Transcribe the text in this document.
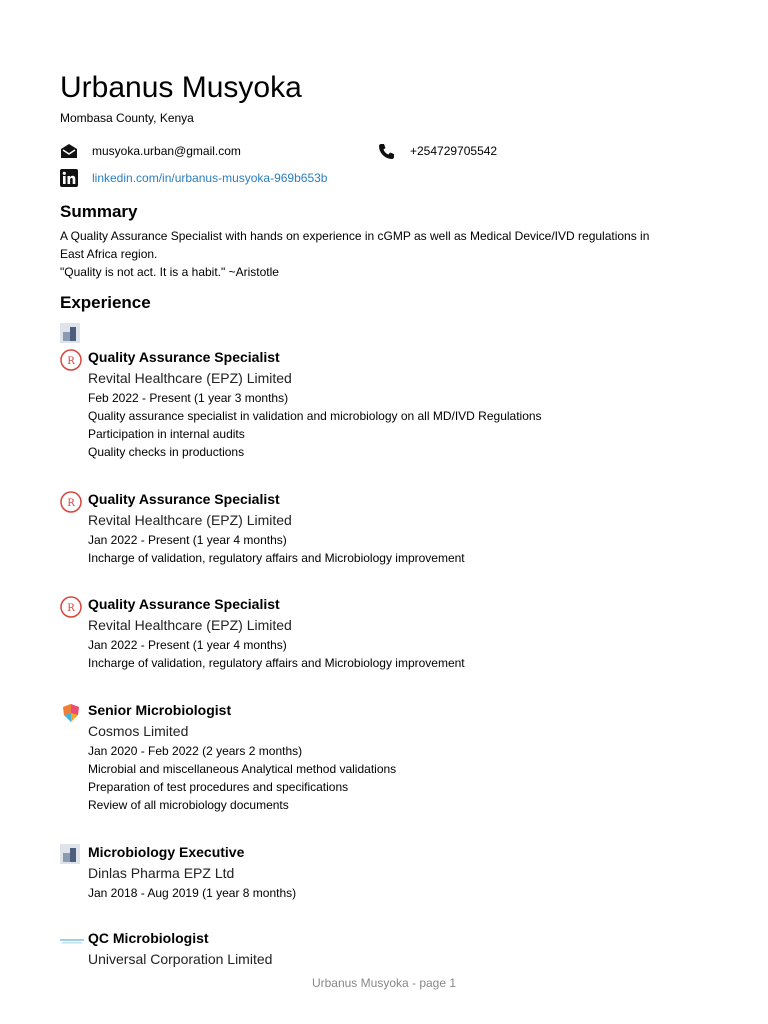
Urbanus Musyoka
Mombasa County, Kenya
musyoka.urban@gmail.com	+254729705542
linkedin.com/in/urbanus-musyoka-969b653b
Summary
A Quality Assurance Specialist with hands on experience in cGMP as well as Medical Device/IVD regulations in
East Africa region.
"Quality is not act. It is a habit." ~Aristotle
Experience
R Quality Assurance Specialist
Revital Healthcare (EPZ) Limited
Feb 2022 - Present (1 year 3 months)
Quality assurance specialist in validation and microbiology on all MD/IVD Regulations
Participation in internal audits
Quality checks in productions
R Quality Assurance Specialist
Revital Healthcare (EPZ) Limited
Jan 2022 - Present (1 year 4 months)
Incharge of validation, regulatory affairs and Microbiology improvement
R Quality Assurance Specialist
Revital Healthcare (EPZ) Limited
Jan 2022 - Present (1 year 4 months)
Incharge of validation, regulatory affairs and Microbiology improvement
Senior Microbiologist
Cosmos Limited
Jan 2020 - Feb 2022 (2 years 2 months)
Microbial and miscellaneous Analytical method validations
Preparation of test procedures and specifications
Review of all microbiology documents
Microbiology Executive
Dinlas Pharma EPZ Ltd
Jan 2018 - Aug 2019 (1 year 8 months)
QC Microbiologist
Universal Corporation Limited
Urbanus Musyoka - page 1
